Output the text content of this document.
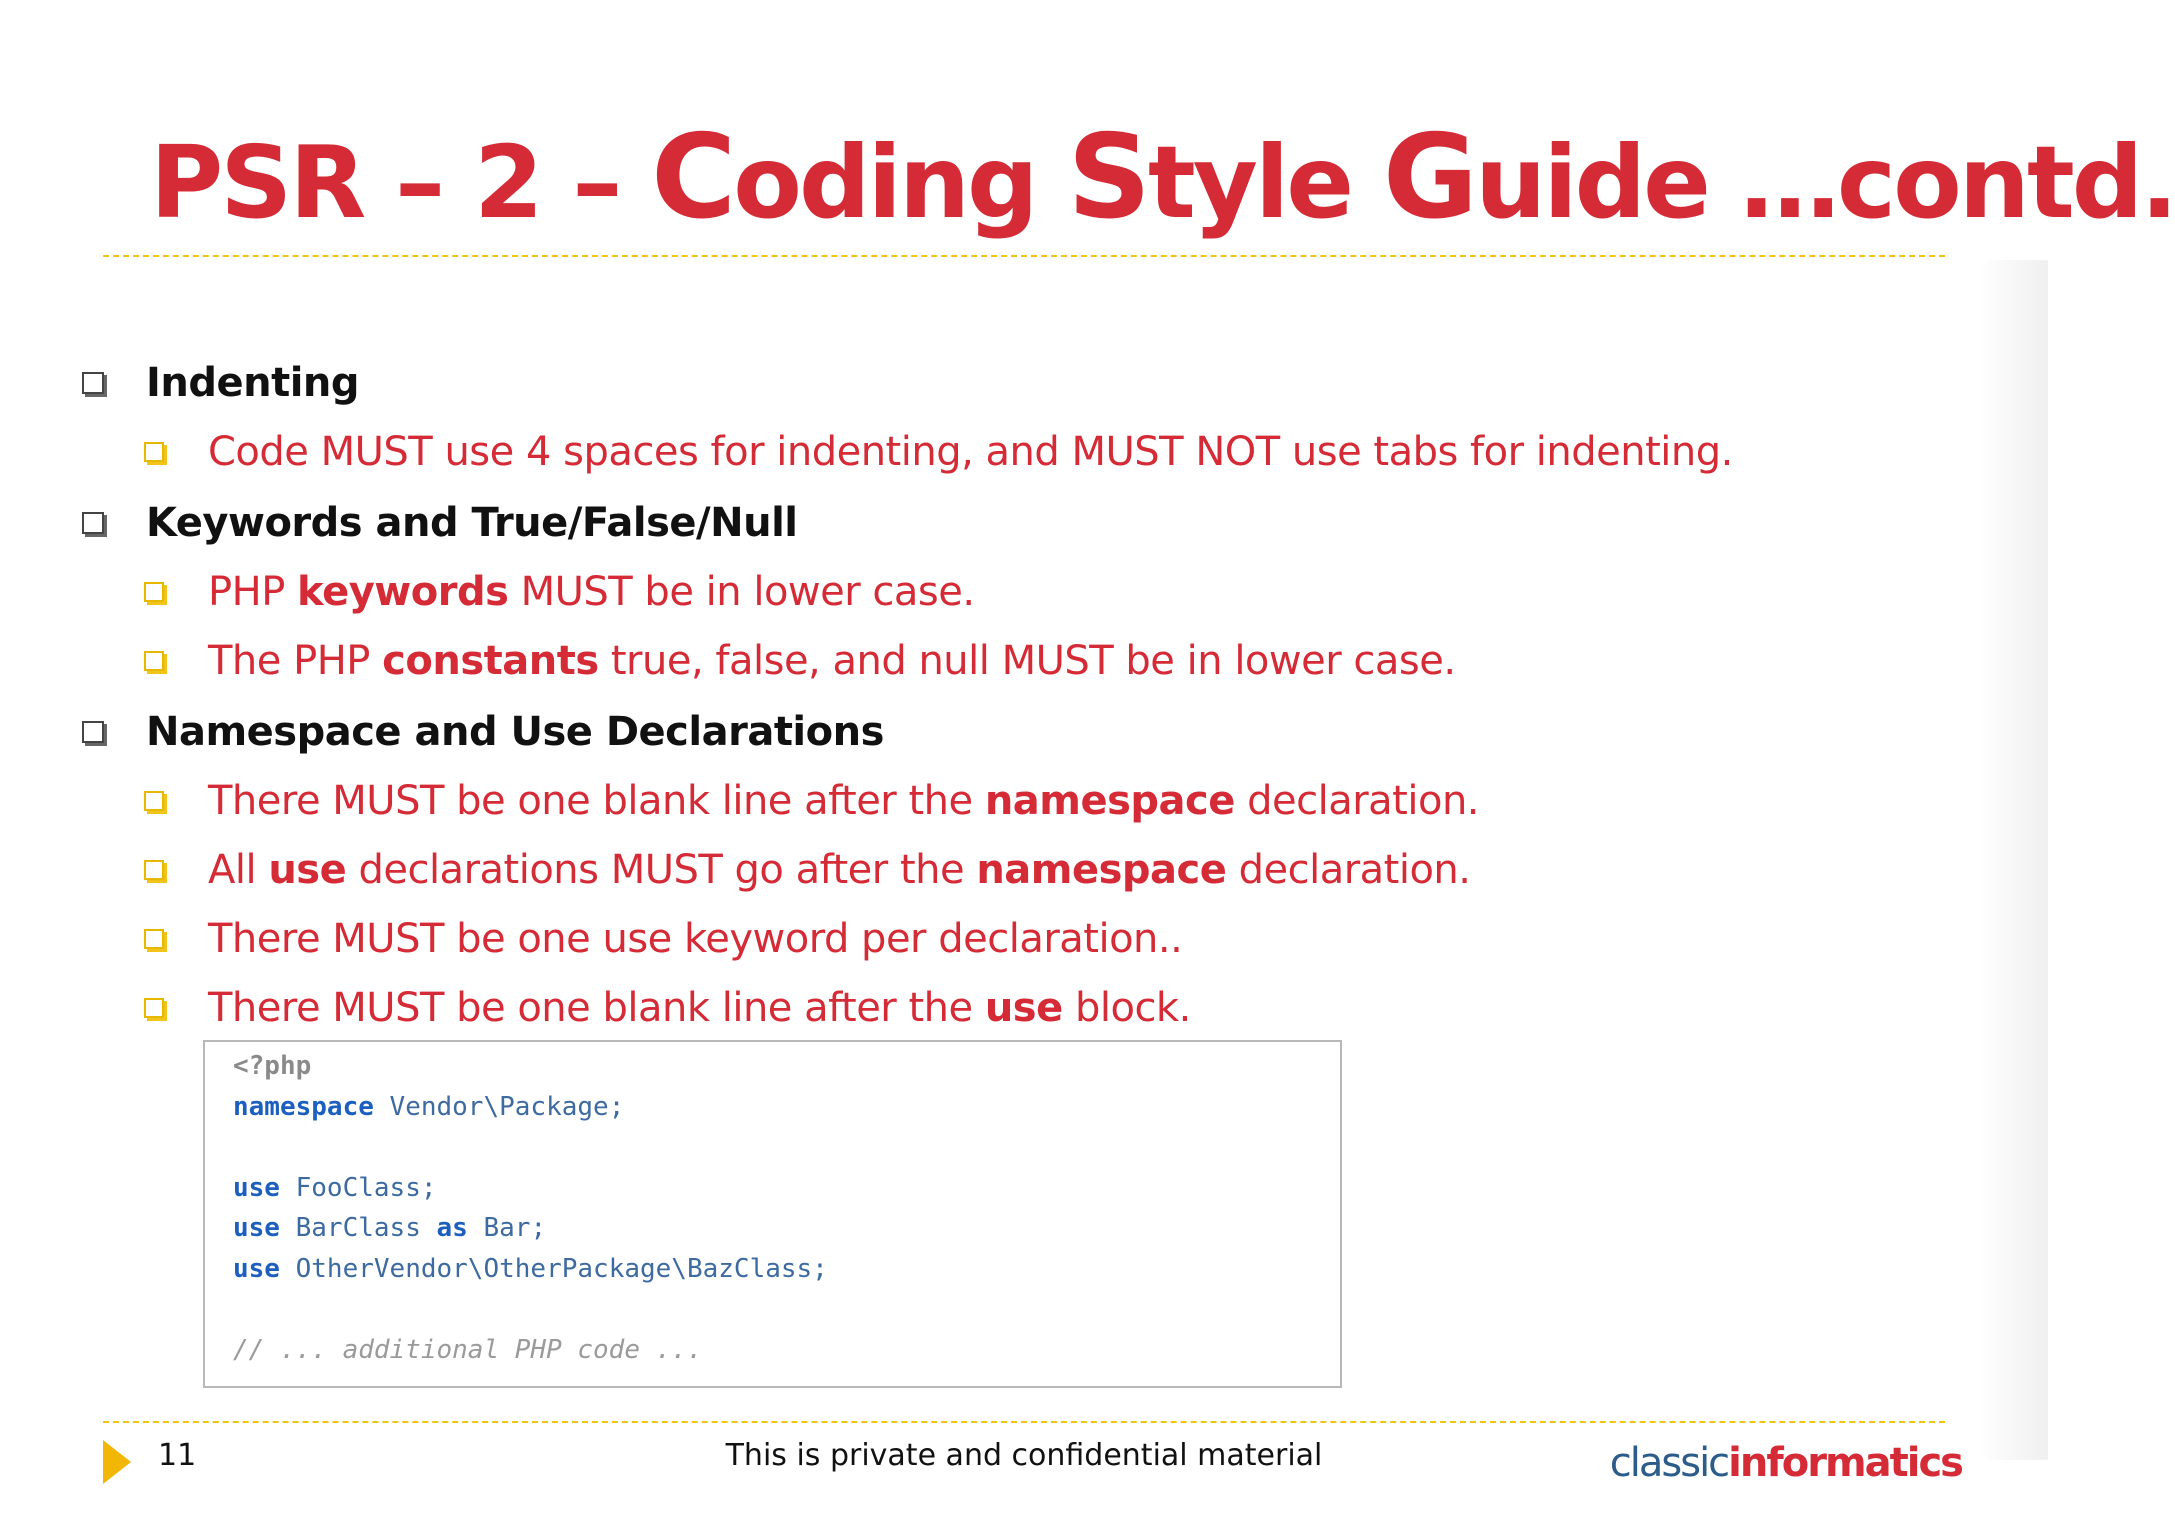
PSR – 2 – Coding Style Guide …contd.
Indenting
Code MUST use 4 spaces for indenting, and MUST NOT use tabs for indenting.
Keywords and True/False/Null
PHP keywords MUST be in lower case.
The PHP constants true, false, and null MUST be in lower case.
Namespace and Use Declarations
There MUST be one blank line after the namespace declaration.
All use declarations MUST go after the namespace declaration.
There MUST be one use keyword per declaration..
There MUST be one blank line after the use block.
<?php
namespace Vendor\Package;
use FooClass;
use BarClass as Bar;
use OtherVendor\OtherPackage\BazClass;
// ... additional PHP code ...
11	This is private and confidential material	classicinformatics
